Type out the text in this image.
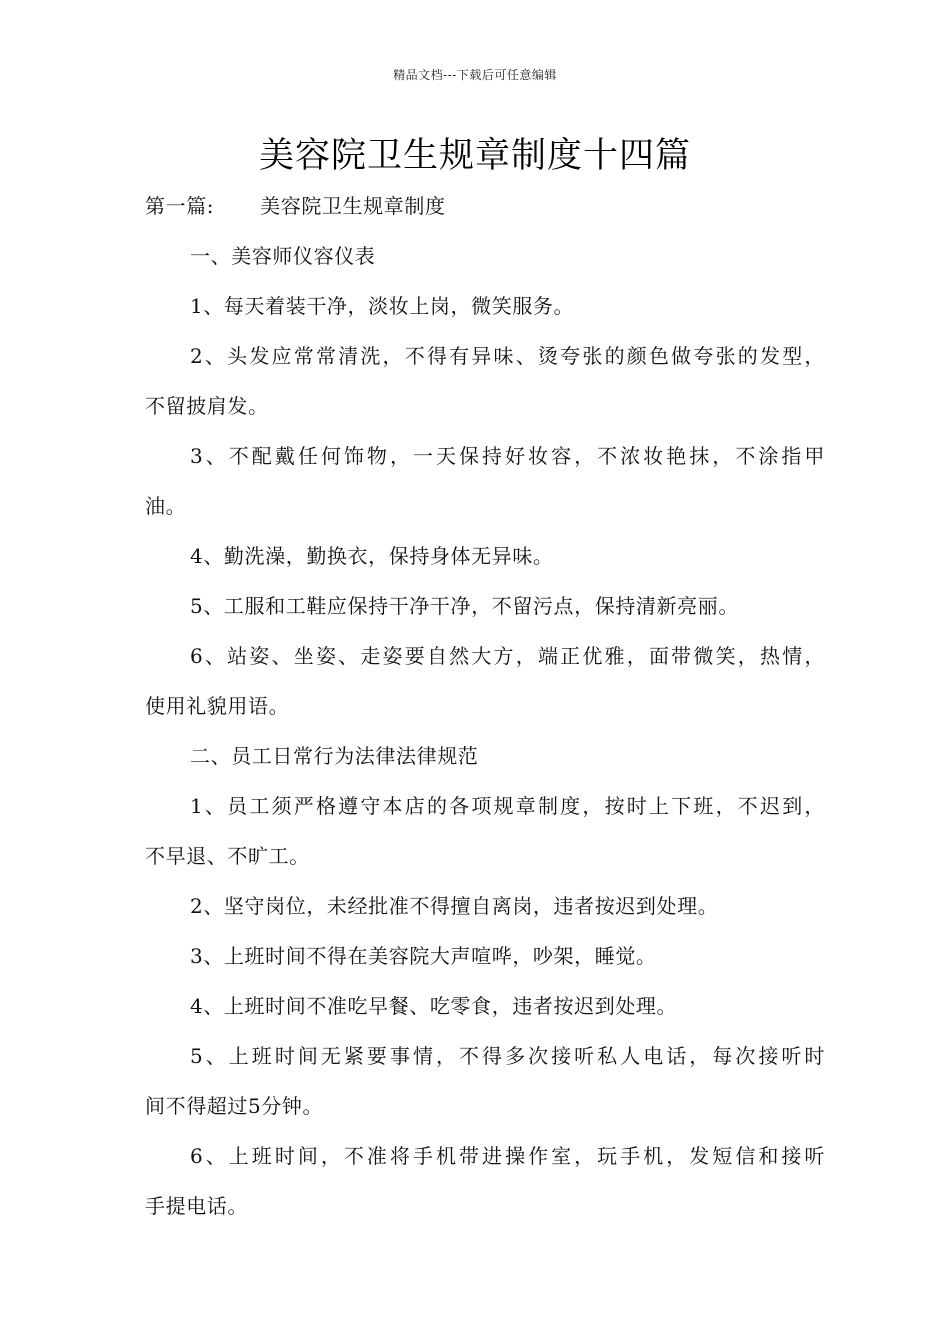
精品文档---下载后可任意编辑
美容院卫生规章制度十四篇
第一篇: 美容院卫生规章制度
一、美容师仪容仪表
1、每天着装干净，淡妆上岗，微笑服务。
2、头发应常常清洗，不得有异味、烫夸张的颜色做夸张的发型，
不留披肩发。
3、不配戴任何饰物，一天保持好妆容，不浓妆艳抹，不涂指甲
油。
4、勤洗澡，勤换衣，保持身体无异味。
5、工服和工鞋应保持干净干净，不留污点，保持清新亮丽。
6、站姿、坐姿、走姿要自然大方，端正优雅，面带微笑，热情，
使用礼貌用语。
二、员工日常行为法律法律规范
1、员工须严格遵守本店的各项规章制度，按时上下班，不迟到，
不早退、不旷工。
2、坚守岗位，未经批准不得擅自离岗，违者按迟到处理。
3、上班时间不得在美容院大声喧哗，吵架，睡觉。
4、上班时间不准吃早餐、吃零食，违者按迟到处理。
5、上班时间无紧要事情，不得多次接听私人电话，每次接听时
间不得超过5分钟。
6、上班时间，不准将手机带进操作室，玩手机，发短信和接听
手提电话。
